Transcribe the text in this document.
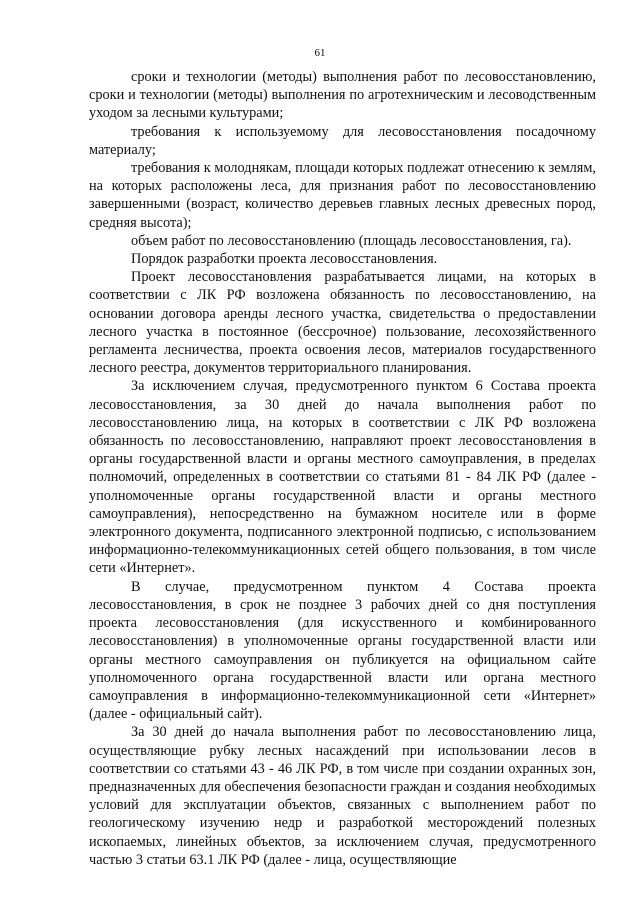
61

сроки и технологии (методы) выполнения работ по лесовосстановлению, сроки и технологии (методы) выполнения по агротехническим и лесоводственным уходом за лесными культурами;

требования к используемому для лесовосстановления посадочному материалу;

требования к молоднякам, площади которых подлежат отнесению к землям, на которых расположены леса, для признания работ по лесовосстановлению завершенными (возраст, количество деревьев главных лесных древесных пород, средняя высота);

объем работ по лесовосстановлению (площадь лесовосстановления, га).

Порядок разработки проекта лесовосстановления.

Проект лесовосстановления разрабатывается лицами, на которых в соответствии с ЛК РФ возложена обязанность по лесовосстановлению, на основании договора аренды лесного участка, свидетельства о предоставлении лесного участка в постоянное (бессрочное) пользование, лесохозяйственного регламента лесничества, проекта освоения лесов, материалов государственного лесного реестра, документов территориального планирования.

За исключением случая, предусмотренного пунктом 6 Состава проекта лесовосстановления, за 30 дней до начала выполнения работ по лесовосстановлению лица, на которых в соответствии с ЛК РФ возложена обязанность по лесовосстановлению, направляют проект лесовосстановления в органы государственной власти и органы местного самоуправления, в пределах полномочий, определенных в соответствии со статьями 81 - 84 ЛК РФ (далее - уполномоченные органы государственной власти и органы местного самоуправления), непосредственно на бумажном носителе или в форме электронного документа, подписанного электронной подписью, с использованием информационно-телекоммуникационных сетей общего пользования, в том числе сети «Интернет».

В случае, предусмотренном пунктом 4 Состава проекта лесовосстановления, в срок не позднее 3 рабочих дней со дня поступления проекта лесовосстановления (для искусственного и комбинированного лесовосстановления) в уполномоченные органы государственной власти или органы местного самоуправления он публикуется на официальном сайте уполномоченного органа государственной власти или органа местного самоуправления в информационно-телекоммуникационной сети «Интернет» (далее - официальный сайт).

За 30 дней до начала выполнения работ по лесовосстановлению лица, осуществляющие рубку лесных насаждений при использовании лесов в соответствии со статьями 43 - 46 ЛК РФ, в том числе при создании охранных зон, предназначенных для обеспечения безопасности граждан и создания необходимых условий для эксплуатации объектов, связанных с выполнением работ по геологическому изучению недр и разработкой месторождений полезных ископаемых, линейных объектов, за исключением случая, предусмотренного частью 3 статьи 63.1 ЛК РФ (далее - лица, осуществляющие
